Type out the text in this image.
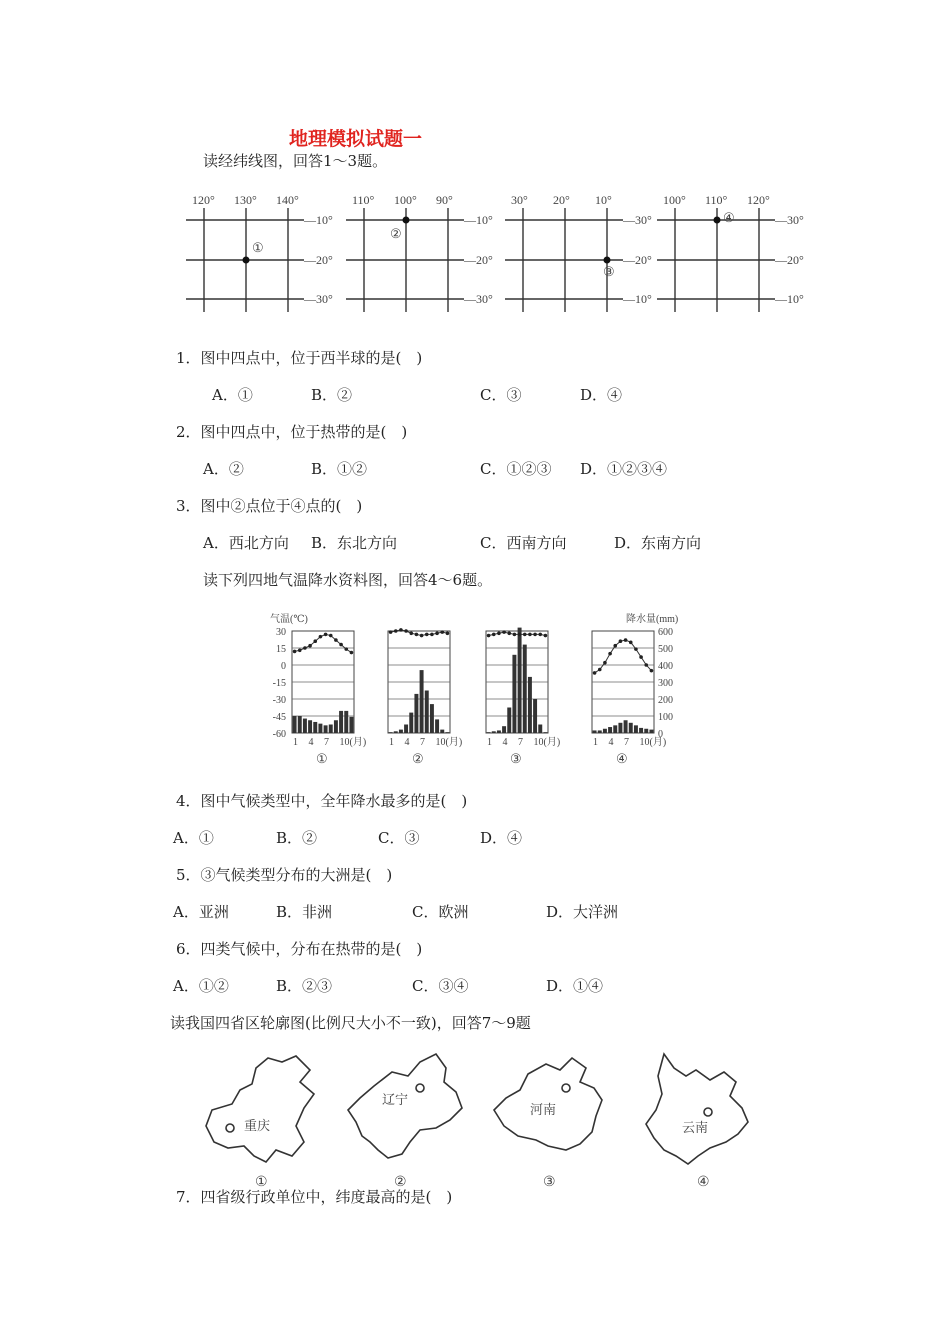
地理模拟试题一
读经纬线图，回答1～3题。
120° 130° 140°
—10°
—20°
—30°
①
110° 100° 90°
—10°
—20°
—30°
②
30° 20° 10°
—30°
—20°
—10°
③
100° 110° 120°
—30°
—20°
—10°
④
1．图中四点中，位于西半球的是(　)
A．①	B．②	C．③	D．④
2．图中四点中，位于热带的是(　)
A．②	B．①②	C．①②③ D．①②③④
3．图中②点位于④点的(　)
A．西北方向 B．东北方向	C．西南方向	D．东南方向
读下列四地气温降水资料图，回答4～6题。
气温(℃)	降水量(mm)
30
15
0
-15
-30
-45
-60
600
500
400
300
200
100
0
1 4 7 10(月)
①
1 4 7 10(月)
②
1 4 7 10(月)
③
1 4 7 10(月)
④
4．图中气候类型中，全年降水最多的是(　)
A．①	B．②	C．③	D．④
5．③气候类型分布的大洲是(　)
A．亚洲	B．非洲	C．欧洲	D．大洋洲
6．四类气候中，分布在热带的是(　)
A．①②	B．②③	C．③④	D．①④
读我国四省区轮廓图(比例尺大小不一致)，回答7～9题
重庆
①
辽宁
②
河南
③
云南
④
7．四省级行政单位中，纬度最高的是(　)
